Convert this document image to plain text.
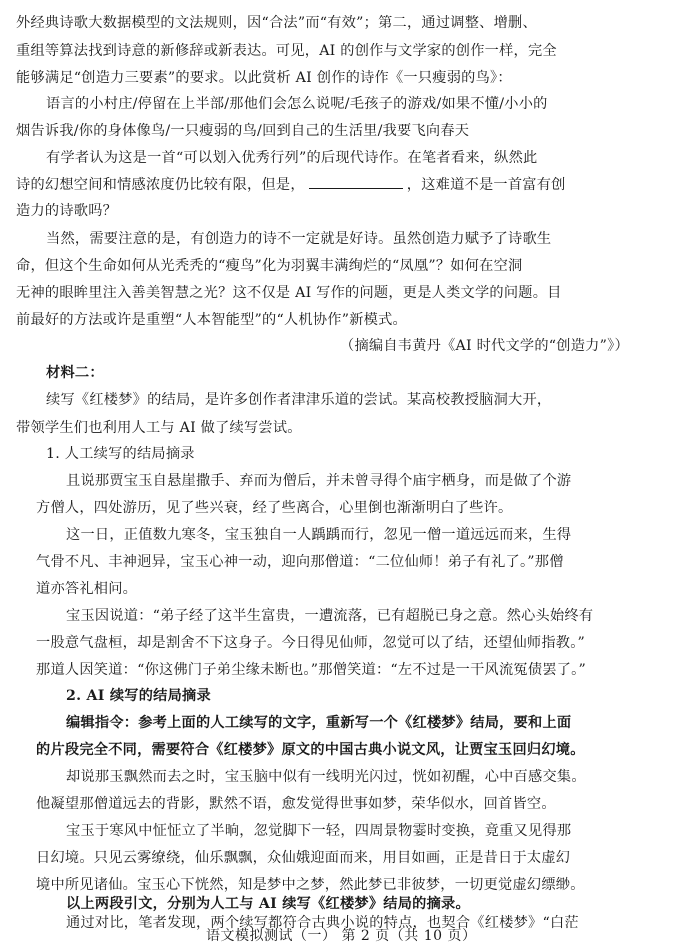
外经典诗歌大数据模型的文法规则，因“合法”而“有效”；第二，通过调整、增删、

重组等算法找到诗意的新修辞或新表达。可见，AI 的创作与文学家的创作一样，完全

能够满足“创造力三要素”的要求。以此赏析 AI 创作的诗作《一只瘦弱的鸟》：

语言的小村庄/停留在上半部/那他们会怎么说呢/毛孩子的游戏/如果不懂/小小的

烟告诉我/你的身体像鸟/一只瘦弱的鸟/回到自己的生活里/我要飞向春天

有学者认为这是一首“可以划入优秀行列”的后现代诗作。在笔者看来，纵然此

诗的幻想空间和情感浓度仍比较有限，但是，	，这难道不是一首富有创

造力的诗歌吗？

当然，需要注意的是，有创造力的诗不一定就是好诗。虽然创造力赋予了诗歌生

命，但这个生命如何从光秃秃的“瘦鸟”化为羽翼丰满绚烂的“凤凰”？如何在空洞

无神的眼眸里注入善美智慧之光？这不仅是 AI 写作的问题，更是人类文学的问题。目

前最好的方法或许是重塑“人本智能型”的“人机协作”新模式。

（摘编自韦黄丹《AI 时代文学的“创造力”》）

材料二：

续写《红楼梦》的结局，是许多创作者津津乐道的尝试。某高校教授脑洞大开，

带领学生们也利用人工与 AI 做了续写尝试。

1. 人工续写的结局摘录

且说那贾宝玉自悬崖撒手、弃而为僧后，并未曾寻得个庙宇栖身，而是做了个游

方僧人，四处游历，见了些兴衰，经了些离合，心里倒也渐渐明白了些许。

这一日，正值数九寒冬，宝玉独自一人踽踽而行，忽见一僧一道远远而来，生得

气骨不凡、丰神迥异，宝玉心神一动，迎向那僧道：“二位仙师！弟子有礼了。”那僧

道亦答礼相问。

宝玉因说道：“弟子经了这半生富贵，一遭流落，已有超脱已身之意。然心头始终有

一股意气盘桓，却是割舍不下这身子。今日得见仙师，忽觉可以了结，还望仙师指教。”

那道人因笑道：“你这佛门子弟尘缘未断也。”那僧笑道：“左不过是一干风流冤债罢了。”

2. AI 续写的结局摘录

编辑指令：参考上面的人工续写的文字，重新写一个《红楼梦》结局，要和上面

的片段完全不同，需要符合《红楼梦》原文的中国古典小说文风，让贾宝玉回归幻境。

却说那玉飘然而去之时，宝玉脑中似有一线明光闪过，恍如初醒，心中百感交集。

他凝望那僧道远去的背影，默然不语，愈发觉得世事如梦，荣华似水，回首皆空。

宝玉于寒风中怔怔立了半晌，忽觉脚下一轻，四周景物霎时变换，竟重又见得那

日幻境。只见云雾缭绕，仙乐飘飘，众仙娥迎面而来，用目如画，正是昔日于太虚幻

境中所见诸仙。宝玉心下恍然，知是梦中之梦，然此梦已非彼梦，一切更觉虚幻缥缈。

以上两段引文，分别为人工与 AI 续写《红楼梦》结局的摘录。

通过对比，笔者发现，两个续写都符合古典小说的特点，也契合《红楼梦》“白茫

语文模拟测试（一） 第 2 页（共 10 页）
